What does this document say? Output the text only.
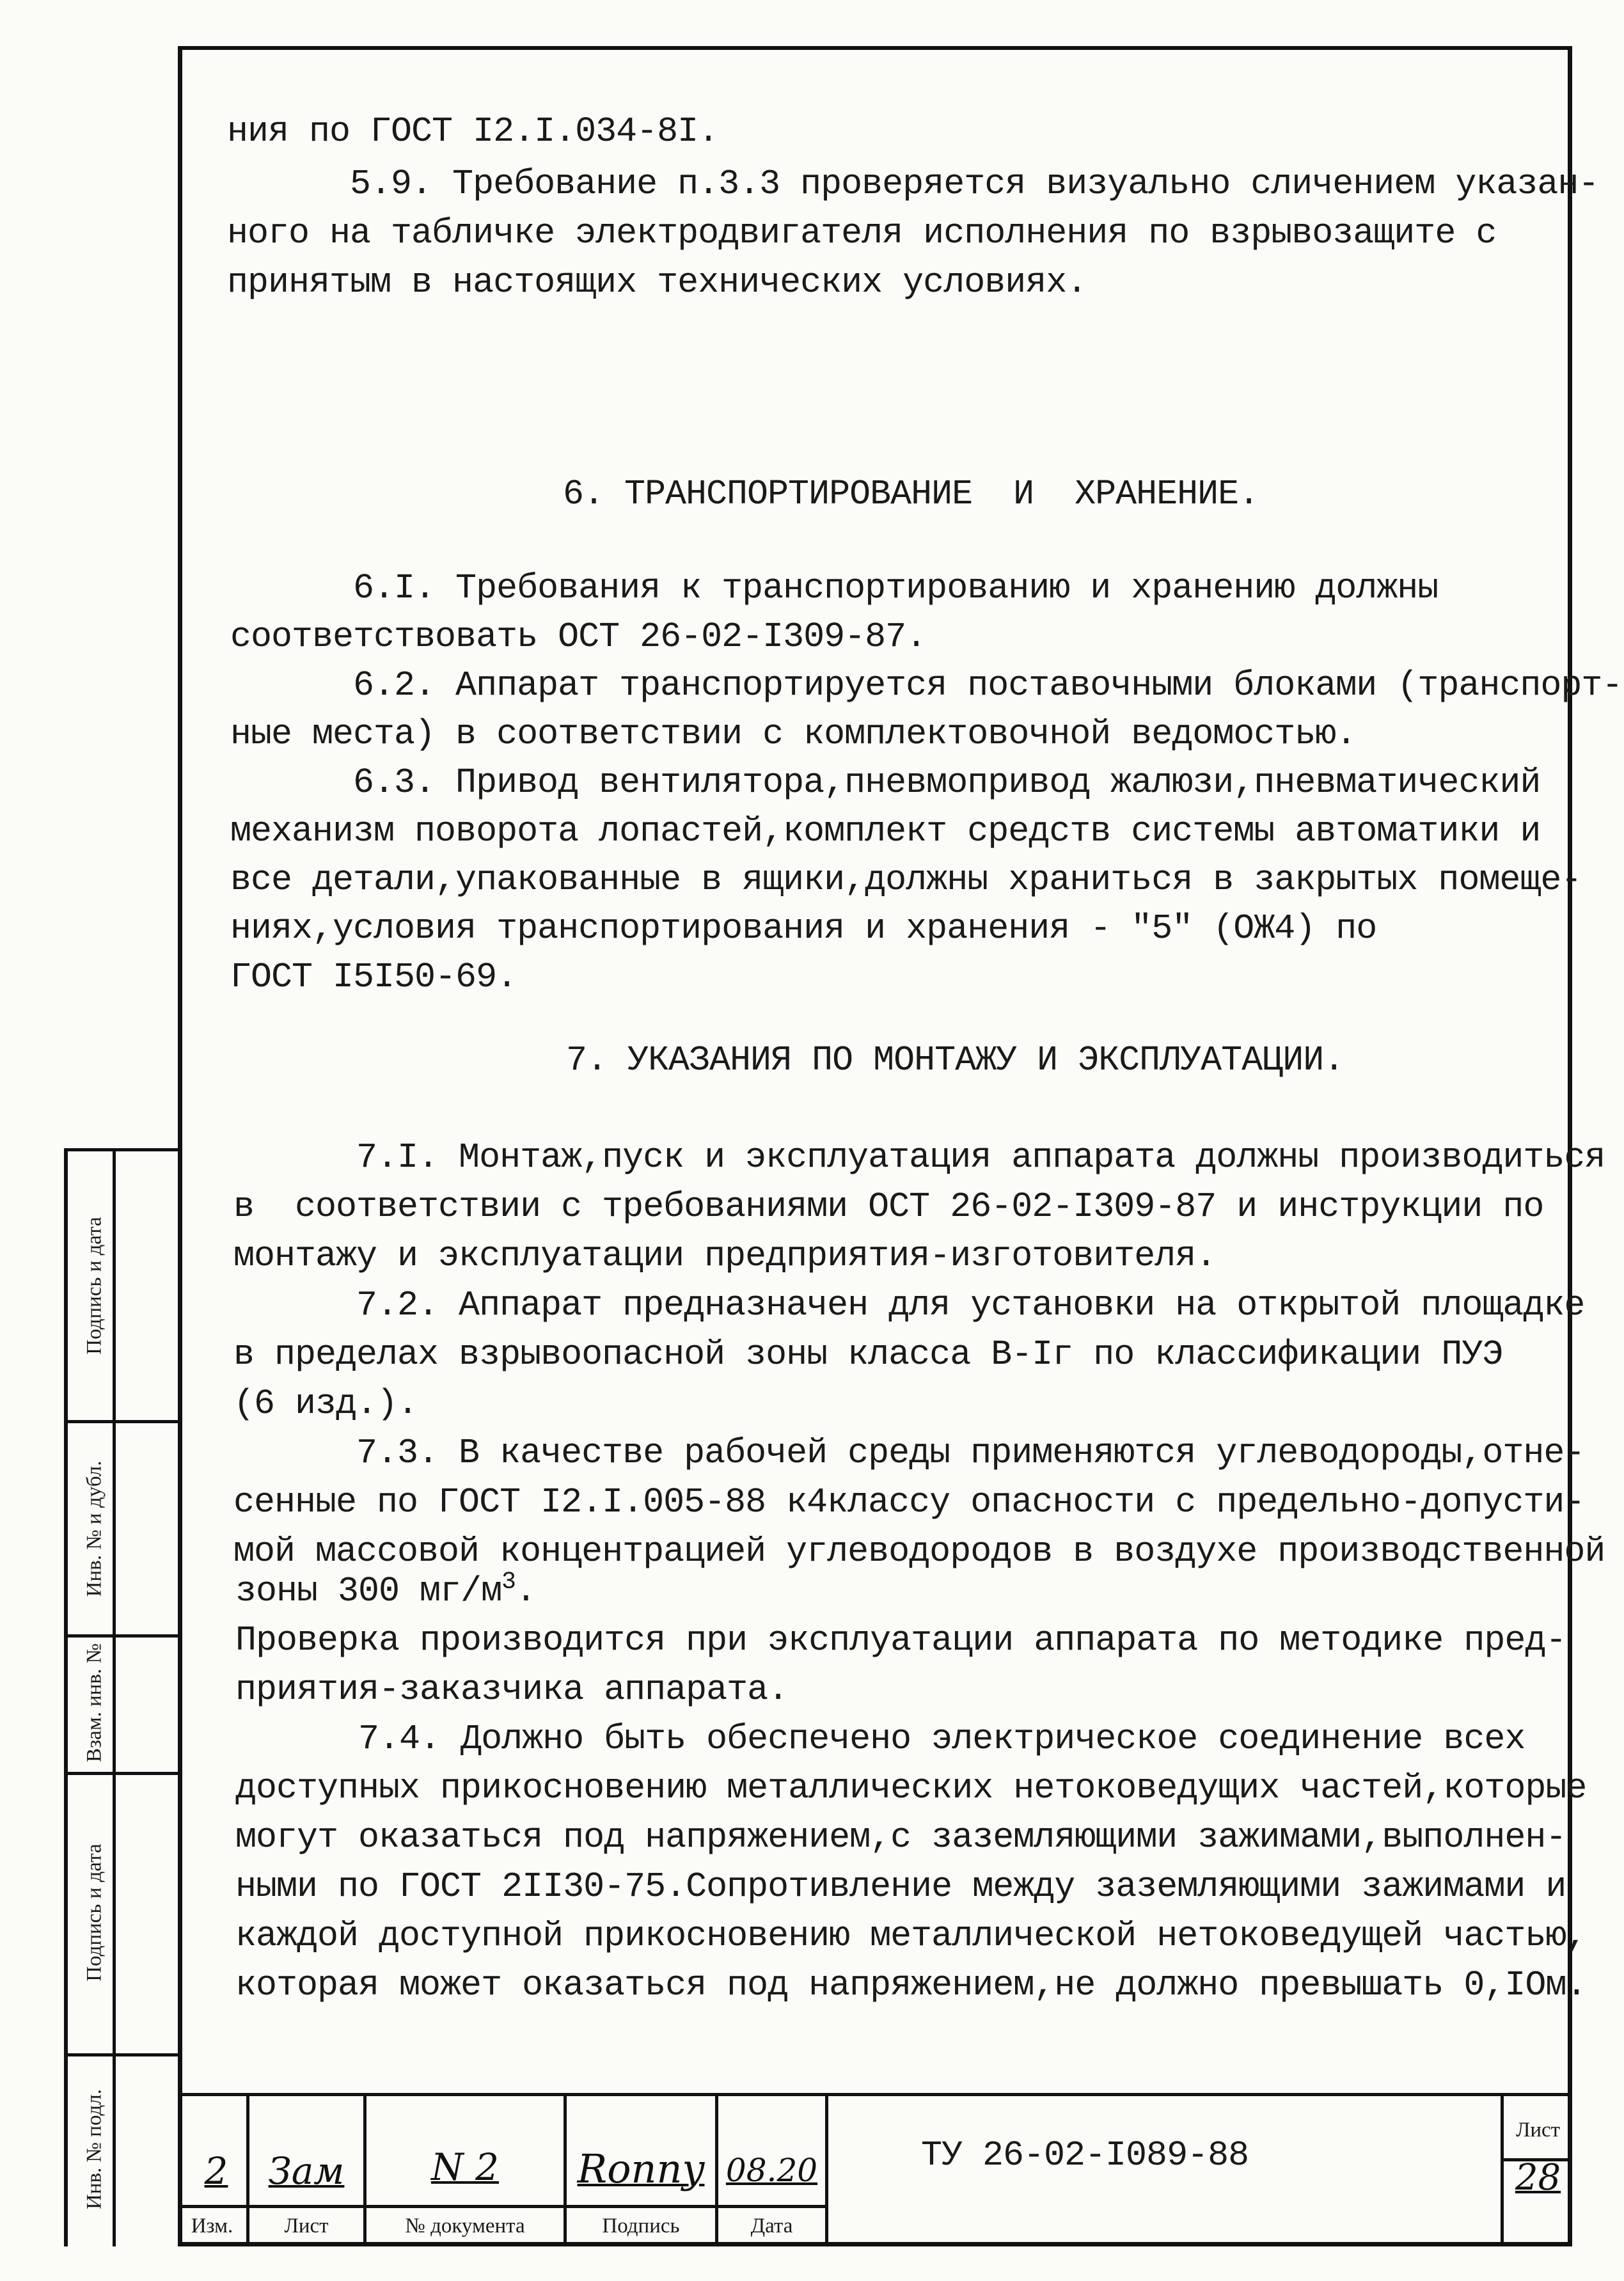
ния по ГОСТ I2.I.034-8I.
5.9. Требование п.3.3 проверяется визуально сличением указан-
ного на табличке электродвигателя исполнения по взрывозащите с
принятым в настоящих технических условиях.
6. ТРАНСПОРТИРОВАНИЕ  И  ХРАНЕНИЕ.
6.I. Требования к транспортированию и хранению должны
соответствовать ОСТ 26-02-I309-87.
6.2. Аппарат транспортируется поставочными блоками (транспорт-
ные места) в соответствии с комплектовочной ведомостью.
6.3. Привод вентилятора,пневмопривод жалюзи,пневматический
механизм поворота лопастей,комплект средств системы автоматики и
все детали,упакованные в ящики,должны храниться в закрытых помеще-
ниях,условия транспортирования и хранения - "5" (ОЖ4) по
ГОСТ I5I50-69.
7. УКАЗАНИЯ ПО МОНТАЖУ И ЭКСПЛУАТАЦИИ.
7.I. Монтаж,пуск и эксплуатация аппарата должны производиться
в  соответствии с требованиями ОСТ 26-02-I309-87 и инструкции по
монтажу и эксплуатации предприятия-изготовителя.
7.2. Аппарат предназначен для установки на открытой площадке
в пределах взрывоопасной зоны класса В-Iг по классификации ПУЭ
(6 изд.).
7.3. В качестве рабочей среды применяются углеводороды,отне-
сенные по ГОСТ I2.I.005-88 к4классу опасности с предельно-допусти-
мой массовой концентрацией углеводородов в воздухе производственной
зоны 300 $мг/м^3$.
Проверка производится при эксплуатации аппарата по методике пред-
приятия-заказчика аппарата.
7.4. Должно быть обеспечено электрическое соединение всех
доступных прикосновению металлических нетоковедущих частей,которые
могут оказаться под напряжением,с заземляющими зажимами,выполнен-
ными по ГОСТ 2II30-75.Сопротивление между заземляющими зажимами и
каждой доступной прикосновению металлической нетоковедущей частью,
которая может оказаться под напряжением,не должно превышать 0,IОм.
Подпись и дата
Инв. № и дубл.
Взам. инв. №
Подпись и дата
Инв. № подл.	2	Зам	N 2	Ronny 08.20
Изм.	Лист	№ документа	Подпись	Дата
Лист
28
ТУ 26-02-I089-88
